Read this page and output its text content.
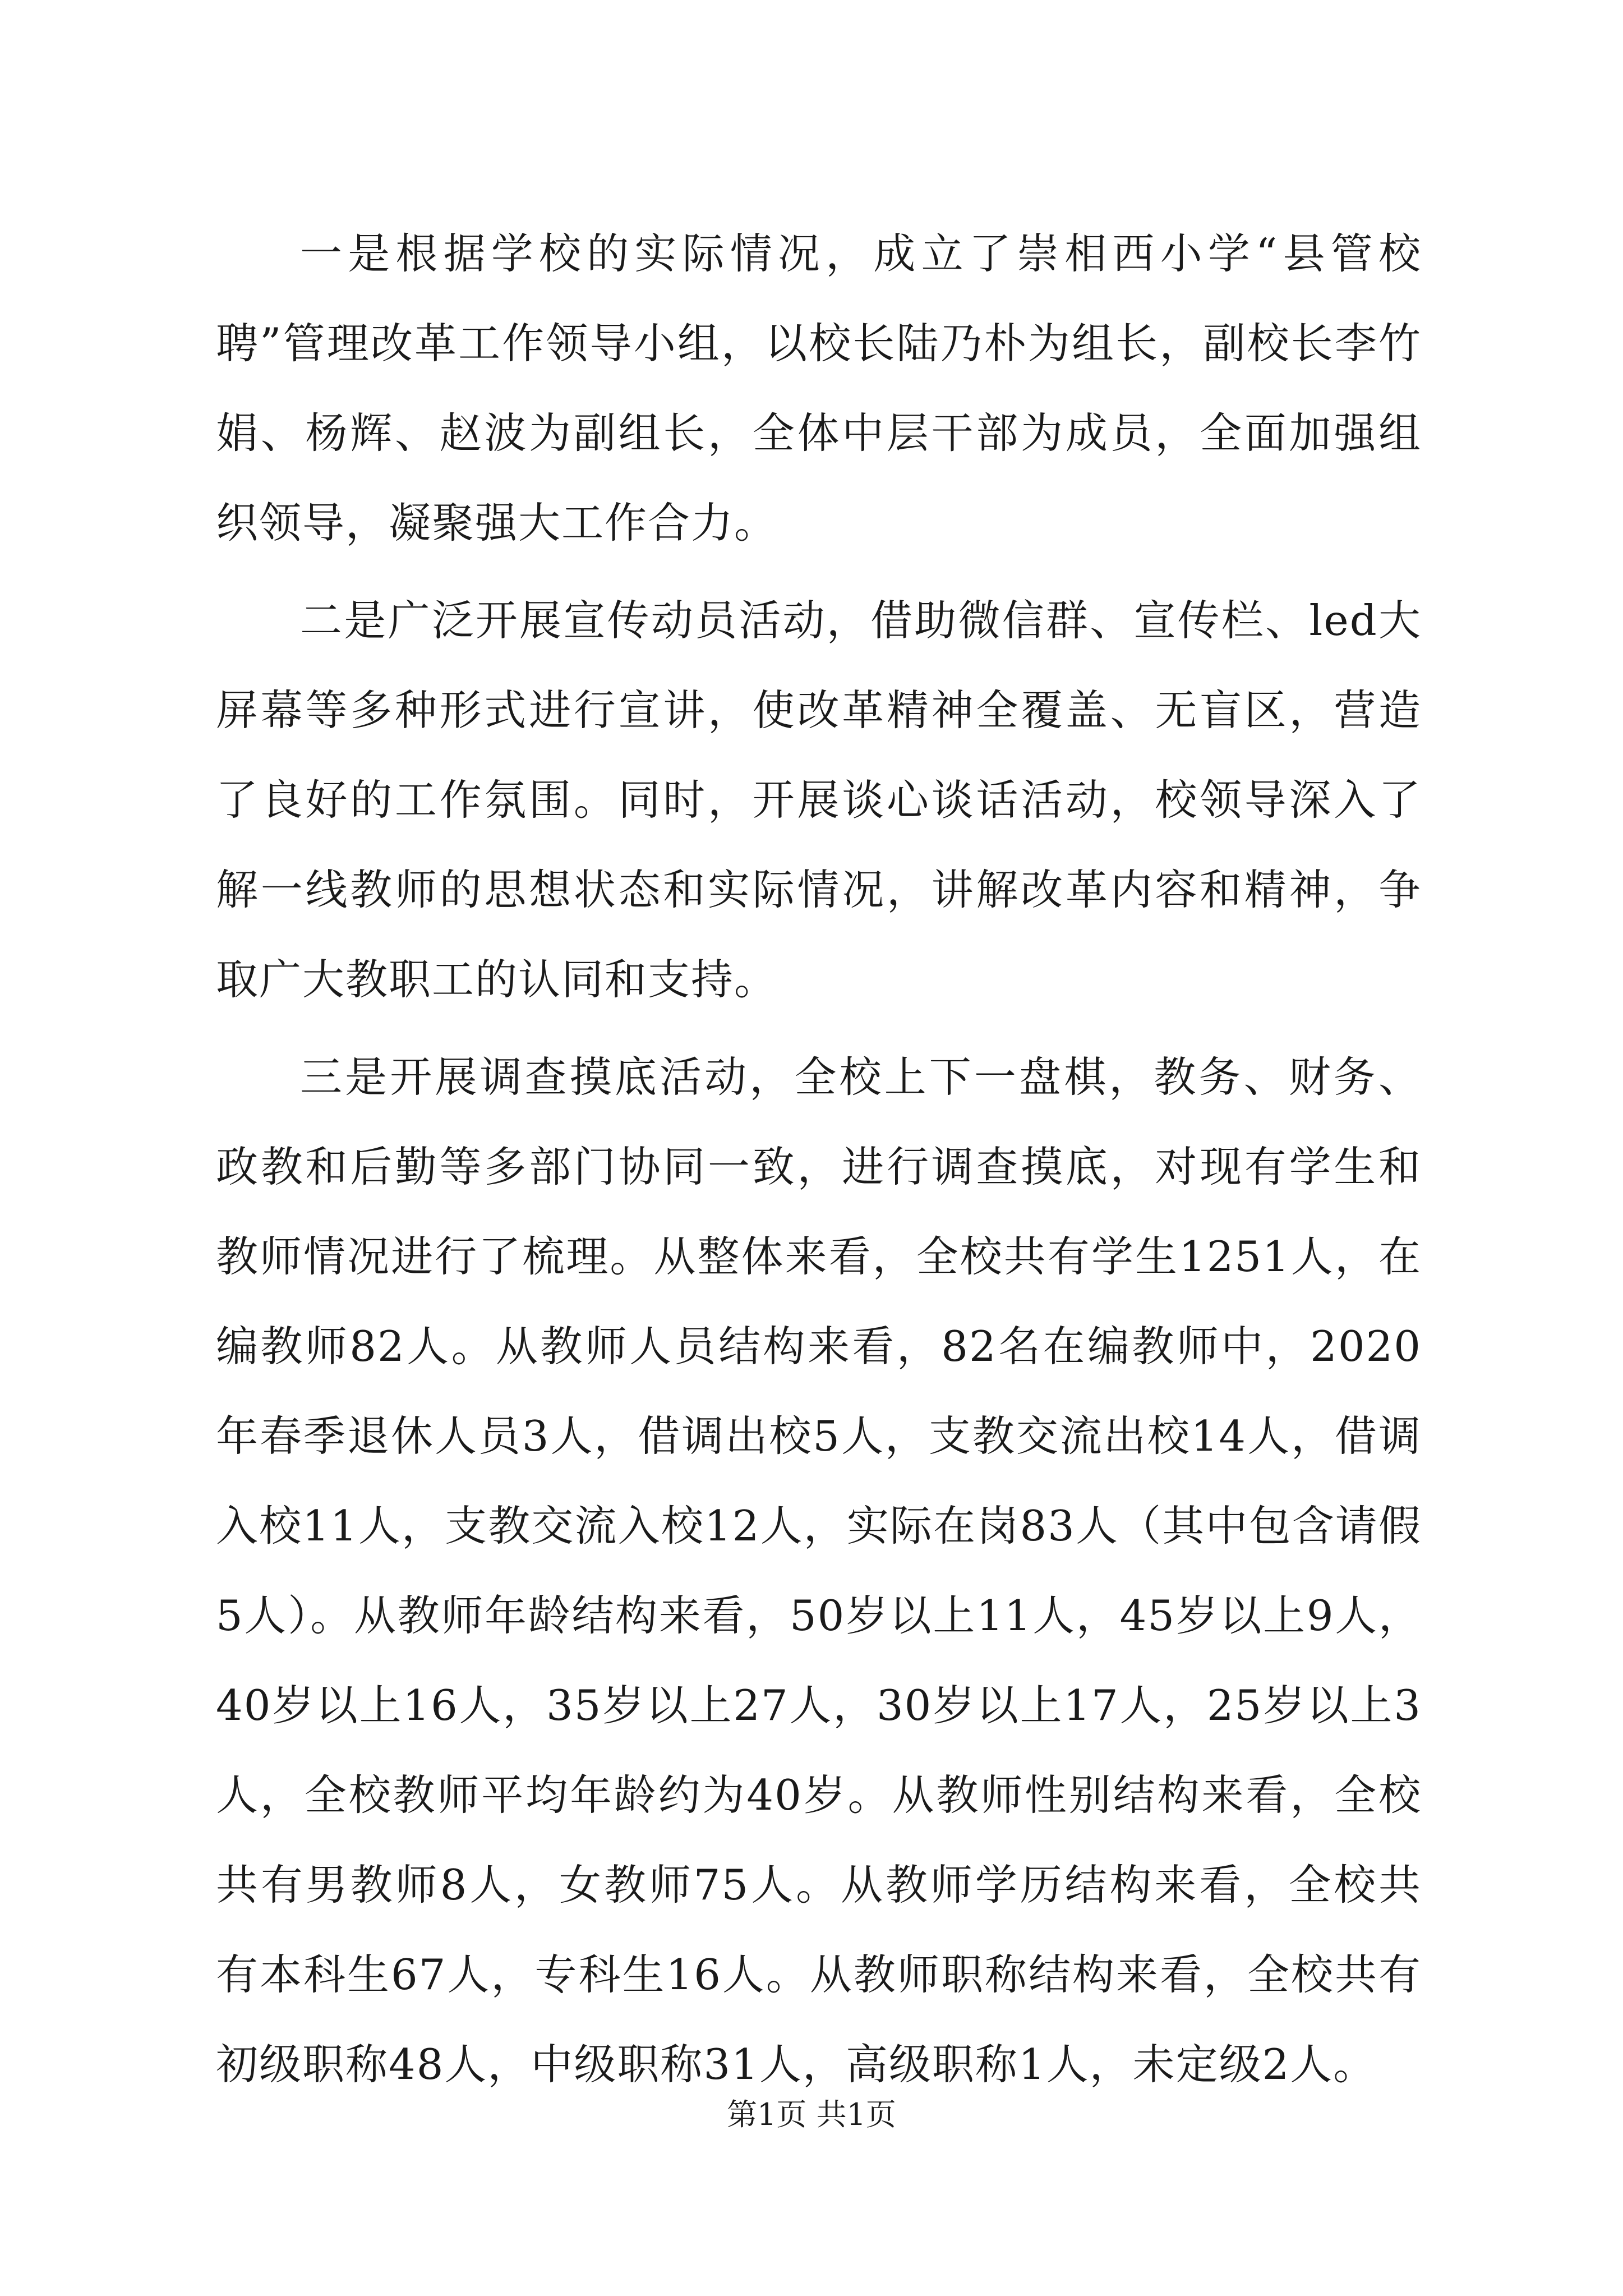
一是根据学校的实际情况，成立了崇相西小学“县管校聘”管理改革工作领导小组，以校长陆乃朴为组长，副校长李竹娟、杨辉、赵波为副组长，全体中层干部为成员，全面加强组织领导，凝聚强大工作合力。

二是广泛开展宣传动员活动，借助微信群、宣传栏、led大屏幕等多种形式进行宣讲，使改革精神全覆盖、无盲区，营造了良好的工作氛围。同时，开展谈心谈话活动，校领导深入了解一线教师的思想状态和实际情况，讲解改革内容和精神，争取广大教职工的认同和支持。

三是开展调查摸底活动，全校上下一盘棋，教务、财务、政教和后勤等多部门协同一致，进行调查摸底，对现有学生和教师情况进行了梳理。从整体来看，全校共有学生1251人，在编教师82人。从教师人员结构来看，82名在编教师中，2020年春季退休人员3人，借调出校5人，支教交流出校14人，借调入校11人，支教交流入校12人，实际在岗83人（其中包含请假5人）。从教师年龄结构来看，50岁以上11人，45岁以上9人，40岁以上16人，35岁以上27人，30岁以上17人，25岁以上3人，全校教师平均年龄约为40岁。从教师性别结构来看，全校共有男教师8人，女教师75人。从教师学历结构来看，全校共有本科生67人，专科生16人。从教师职称结构来看，全校共有初级职称48人，中级职称31人，高级职称1人，未定级2人。

第1页 共1页
